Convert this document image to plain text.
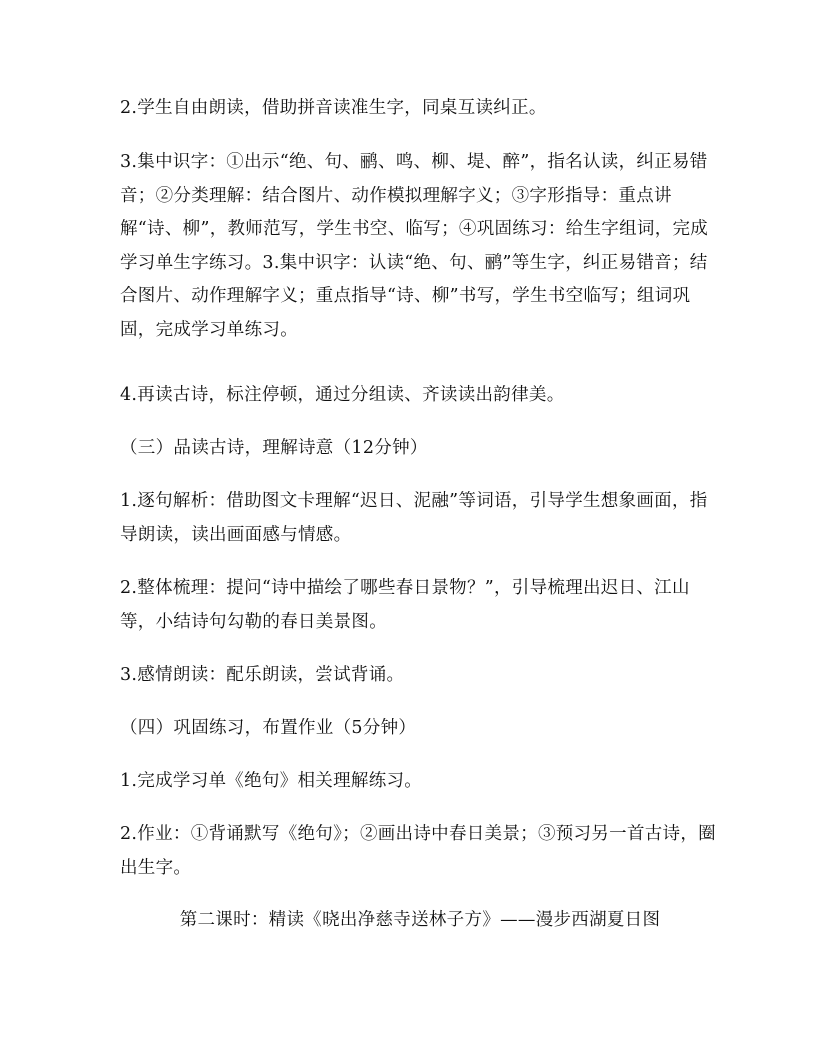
2.学生自由朗读，借助拼音读准生字，同桌互读纠正。

3.集中识字：①出示“绝、句、鹂、鸣、柳、堤、醉”，指名认读，纠正易错音；②分类理解：结合图片、动作模拟理解字义；③字形指导：重点讲解“诗、柳”，教师范写，学生书空、临写；④巩固练习：给生字组词，完成学习单生字练习。3.集中识字：认读“绝、句、鹂”等生字，纠正易错音；结合图片、动作理解字义；重点指导“诗、柳”书写，学生书空临写；组词巩固，完成学习单练习。

4.再读古诗，标注停顿，通过分组读、齐读读出韵律美。

（三）品读古诗，理解诗意（12分钟）

1.逐句解析：借助图文卡理解“迟日、泥融”等词语，引导学生想象画面，指导朗读，读出画面感与情感。

2.整体梳理：提问“诗中描绘了哪些春日景物？”，引导梳理出迟日、江山等，小结诗句勾勒的春日美景图。

3.感情朗读：配乐朗读，尝试背诵。

（四）巩固练习，布置作业（5分钟）

1.完成学习单《绝句》相关理解练习。

2.作业：①背诵默写《绝句》；②画出诗中春日美景；③预习另一首古诗，圈出生字。

第二课时：精读《晓出净慈寺送林子方》——漫步西湖夏日图
